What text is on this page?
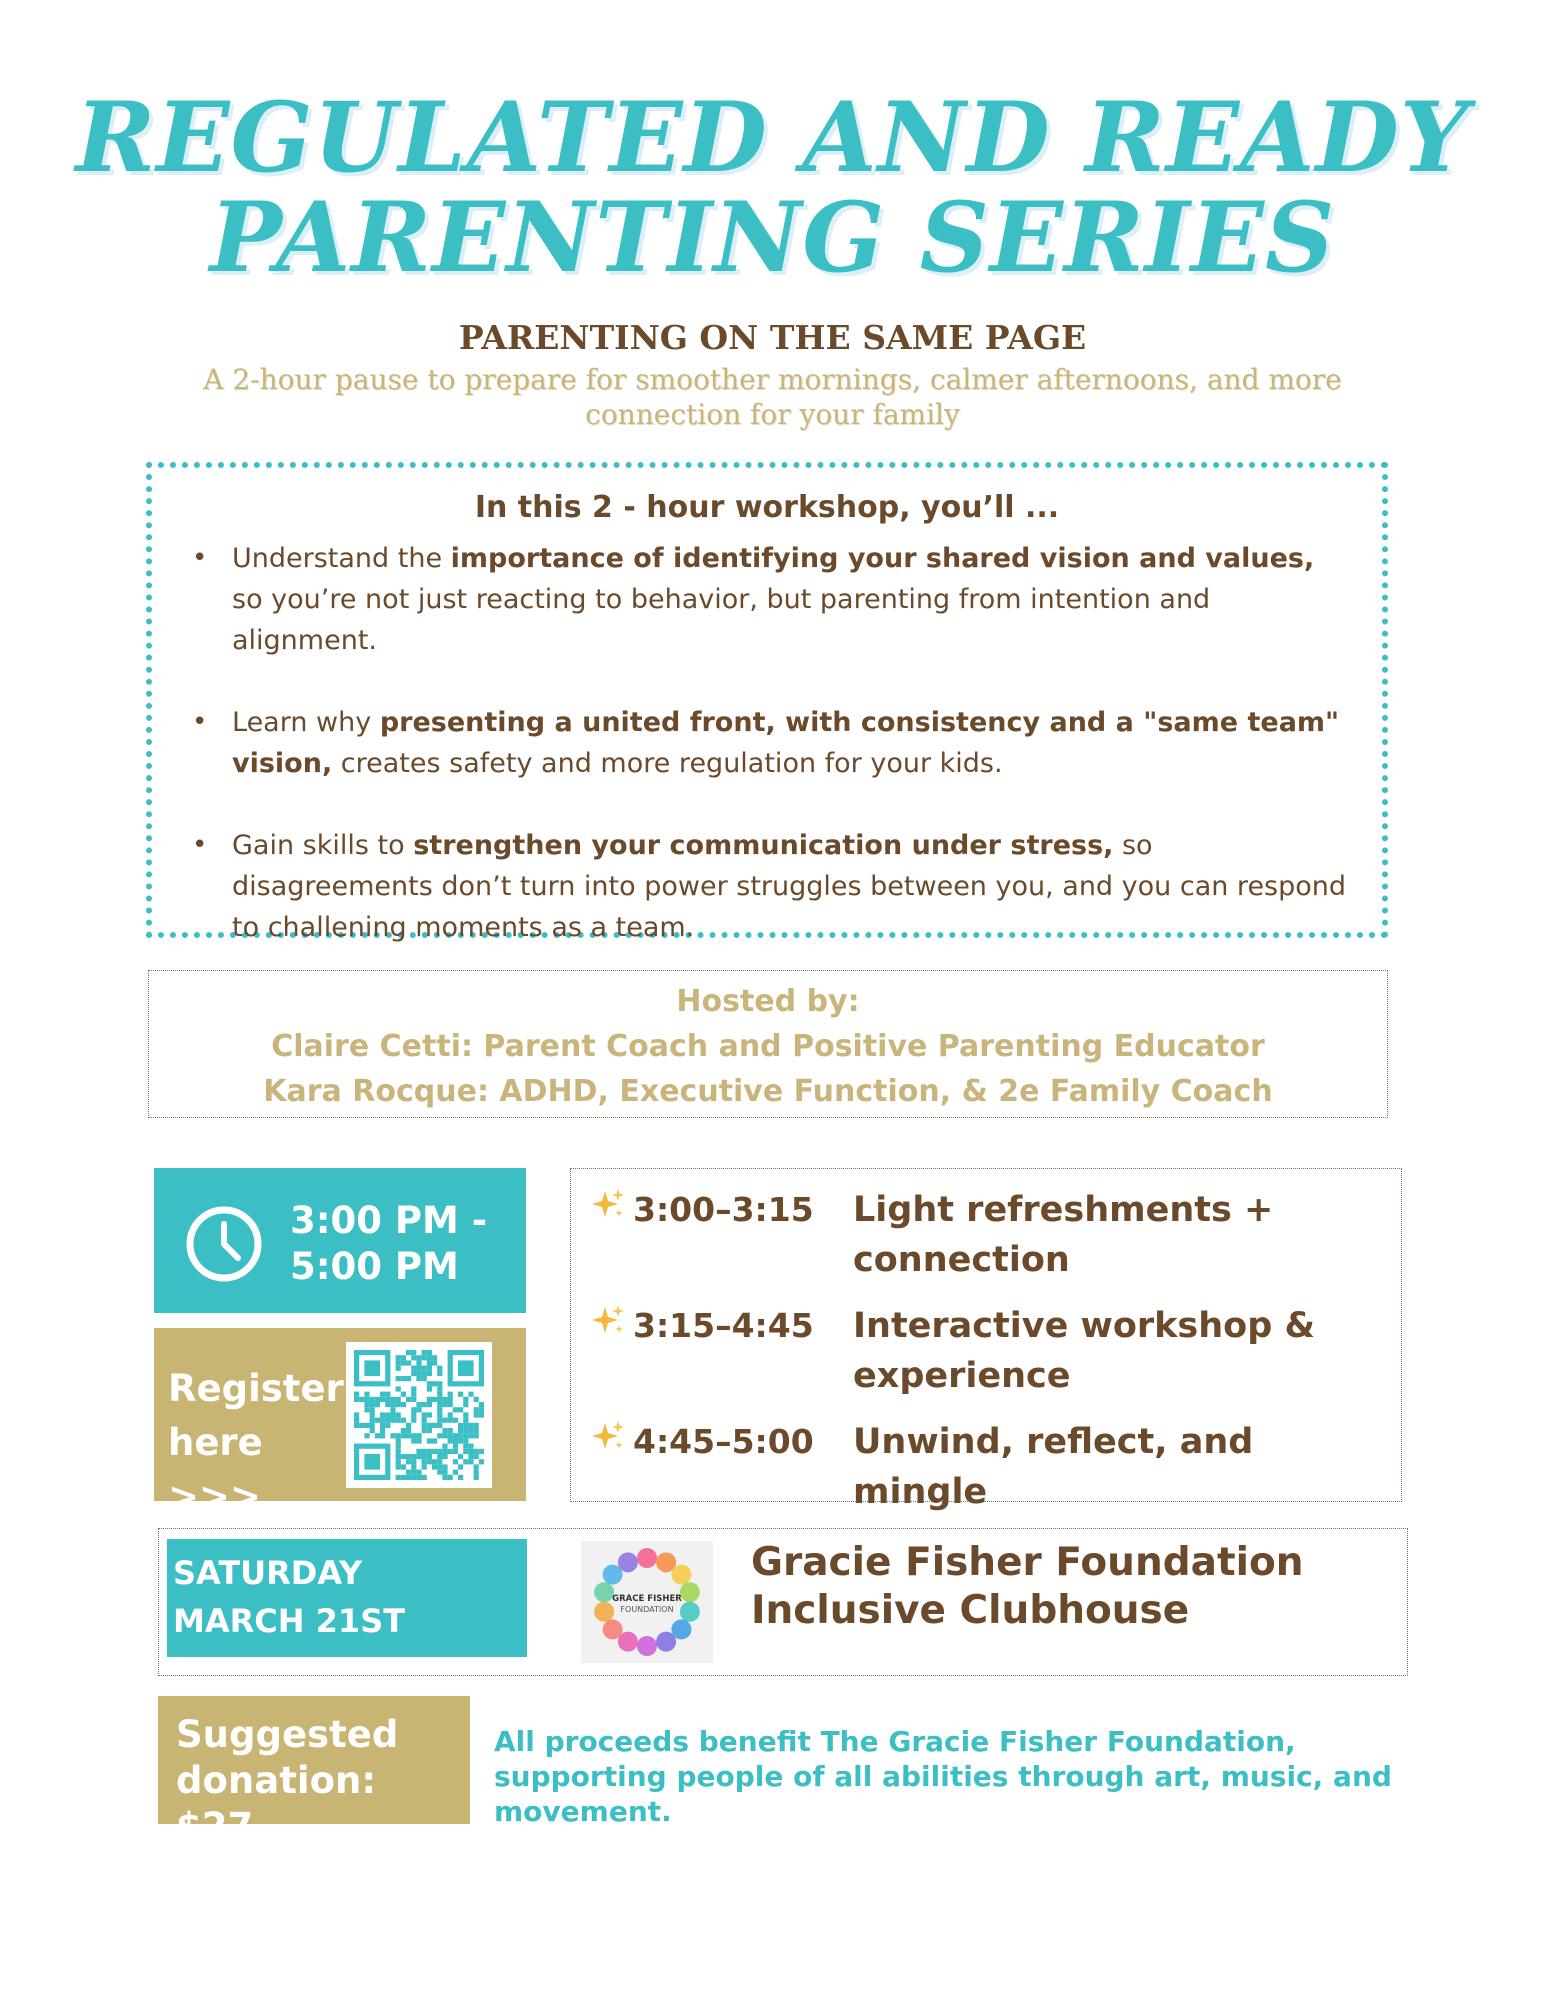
REGULATED AND READY
PARENTING SERIES
PARENTING ON THE SAME PAGE
A 2-hour pause to prepare for smoother mornings, calmer afternoons, and more connection for your family
In this 2 - hour workshop, you’ll ...
• Understand the importance of identifying your shared vision and values, so you’re not just reacting to behavior, but parenting from intention and alignment.
• Learn why presenting a united front, with consistency and a "same team" vision, creates safety and more regulation for your kids.
• Gain skills to strengthen your communication under stress, so disagreements don’t turn into power struggles between you, and you can respond to challening moments as a team.
Hosted by:
Claire Cetti: Parent Coach and Positive Parenting Educator
Kara Rocque: ADHD, Executive Function, & 2e Family Coach
3:00 PM -
5:00 PM
Register
here >>>
3:00–3:15 Light refreshments + connection
3:15–4:45 Interactive workshop & experience
4:45–5:00 Unwind, reflect, and mingle
SATURDAY
MARCH 21ST
GRACE FISHER
FOUNDATION
Gracie Fisher Foundation
Inclusive Clubhouse
Suggested
donation: $27
All proceeds benefit The Gracie Fisher Foundation, supporting people of all abilities through art, music, and movement.
